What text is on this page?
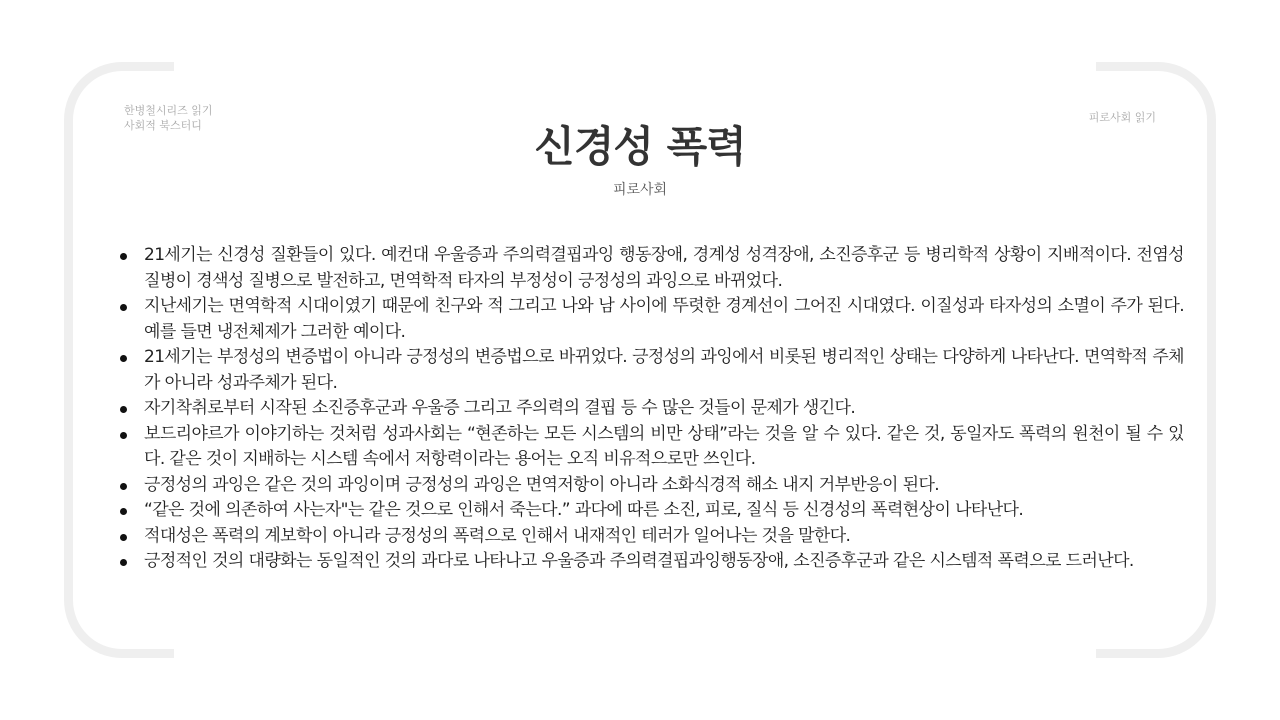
한병철시리즈 읽기
사회적 북스터디
피로사회 읽기
신경성 폭력
피로사회
21세기는 신경성 질환들이 있다. 예컨대 우울증과 주의력결핍과잉 행동장애, 경계성 성격장애, 소진증후군 등 병리학적 상황이 지배적이다. 전염성 질병이 경색성 질병으로 발전하고, 면역학적 타자의 부정성이 긍정성의 과잉으로 바뀌었다.
지난세기는 면역학적 시대이였기 때문에 친구와 적 그리고 나와 남 사이에 뚜렷한 경계선이 그어진 시대였다. 이질성과 타자성의 소멸이 주가 된다. 예를 들면 냉전체제가 그러한 예이다.
21세기는 부정성의 변증법이 아니라 긍정성의 변증법으로 바뀌었다. 긍정성의 과잉에서 비롯된 병리적인 상태는 다양하게 나타난다. 면역학적 주체가 아니라 성과주체가 된다.
자기착취로부터 시작된 소진증후군과 우울증 그리고 주의력의 결핍 등 수 많은 것들이 문제가 생긴다.
보드리야르가 이야기하는 것처럼 성과사회는 “현존하는 모든 시스템의 비만 상태”라는 것을 알 수 있다. 같은 것, 동일자도 폭력의 원천이 될 수 있다. 같은 것이 지배하는 시스템 속에서 저항력이라는 용어는 오직 비유적으로만 쓰인다.
긍정성의 과잉은 같은 것의 과잉이며 긍정성의 과잉은 면역저항이 아니라 소화식경적 해소 내지 거부반응이 된다.
“같은 것에 의존하여 사는자"는 같은 것으로 인해서 죽는다.” 과다에 따른 소진, 피로, 질식 등 신경성의 폭력현상이 나타난다.
적대성은 폭력의 계보학이 아니라 긍정성의 폭력으로 인해서 내재적인 테러가 일어나는 것을 말한다.
긍정적인 것의 대량화는 동일적인 것의 과다로 나타나고 우울증과 주의력결핍과잉행동장애, 소진증후군과 같은 시스템적 폭력으로 드러난다.
